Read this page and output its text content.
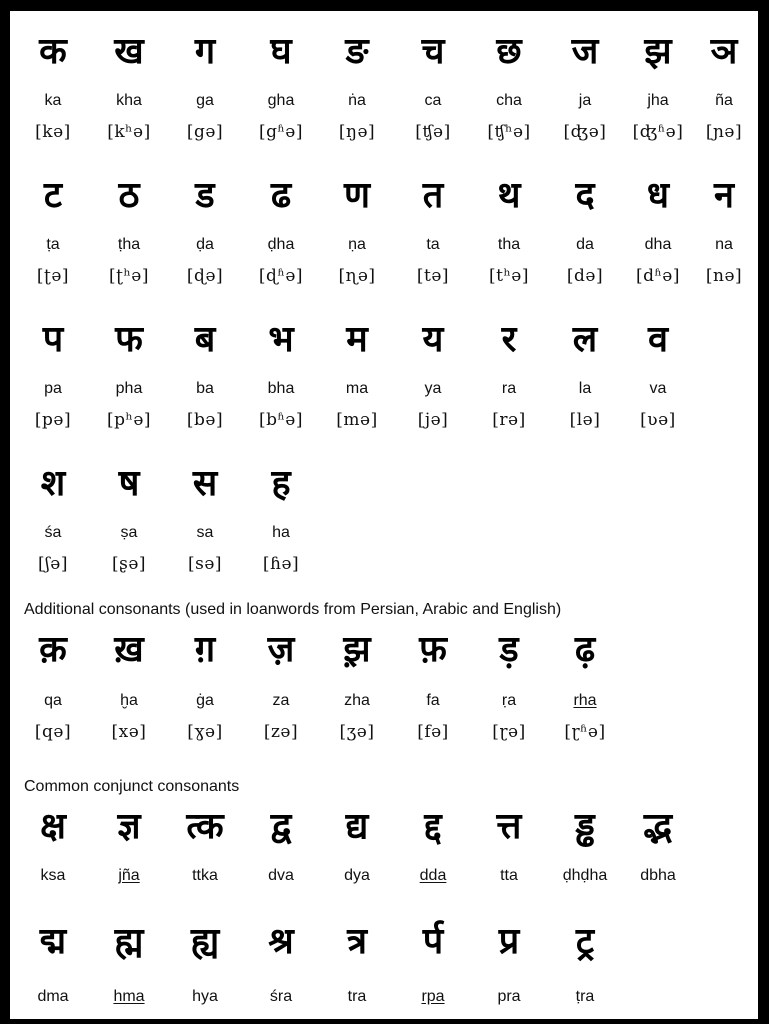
क
ka
[kə]
ख
kha
[kʰə]
ग
ga
[gə]
घ
gha
[gʱə]
ङ
ṅa
[ŋə]
च
ca
[ʧə]
छ
cha
[ʧʰə]
ज
ja
[ʤə]
झ
jha
[ʤʱə]
ञ
ña
[ɲə]
ट
ṭa
[ʈə]
ठ
ṭha
[ʈʰə]
ड
ḍa
[ɖə]
ढ
ḍha
[ɖʱə]
ण
ṇa
[ɳə]
त
ta
[tə]
थ
tha
[tʰə]
द
da
[də]
ध
dha
[dʱə]
न
na
[nə]
प
pa
[pə]
फ
pha
[pʰə]
ब
ba
[bə]
भ
bha
[bʱə]
म
ma
[mə]
य
ya
[jə]
र
ra
[rə]
ल
la
[lə]
व
va
[ʋə]
श
śa
[ʃə]
ष
ṣa
[ʂə]
स
sa
[sə]
ह
ha
[ɦə]
Additional consonants (used in loanwords from Persian, Arabic and English)
क़
qa
[qə]
ख़
ḫa
[xə]
ग़
ġa
[ɣə]
ज़
za
[zə]
झ़
zha
[ʒə]
फ़
fa
[fə]
ड़
ṛa
[ɽə]
ढ़
rha
[ɽʱə]
Common conjunct consonants
क्ष
ksa
ज्ञ
jña
त्क
ttka
द्व
dva
द्य
dya
द्द
dda
त्त
tta
ड्ढ
ḍhḍha
द्भ
dbha
द्म
dma
ह्म
hma
ह्य
hya
श्र
śra
त्र
tra
र्प
rpa
प्र
pra
ट्र
ṭra
